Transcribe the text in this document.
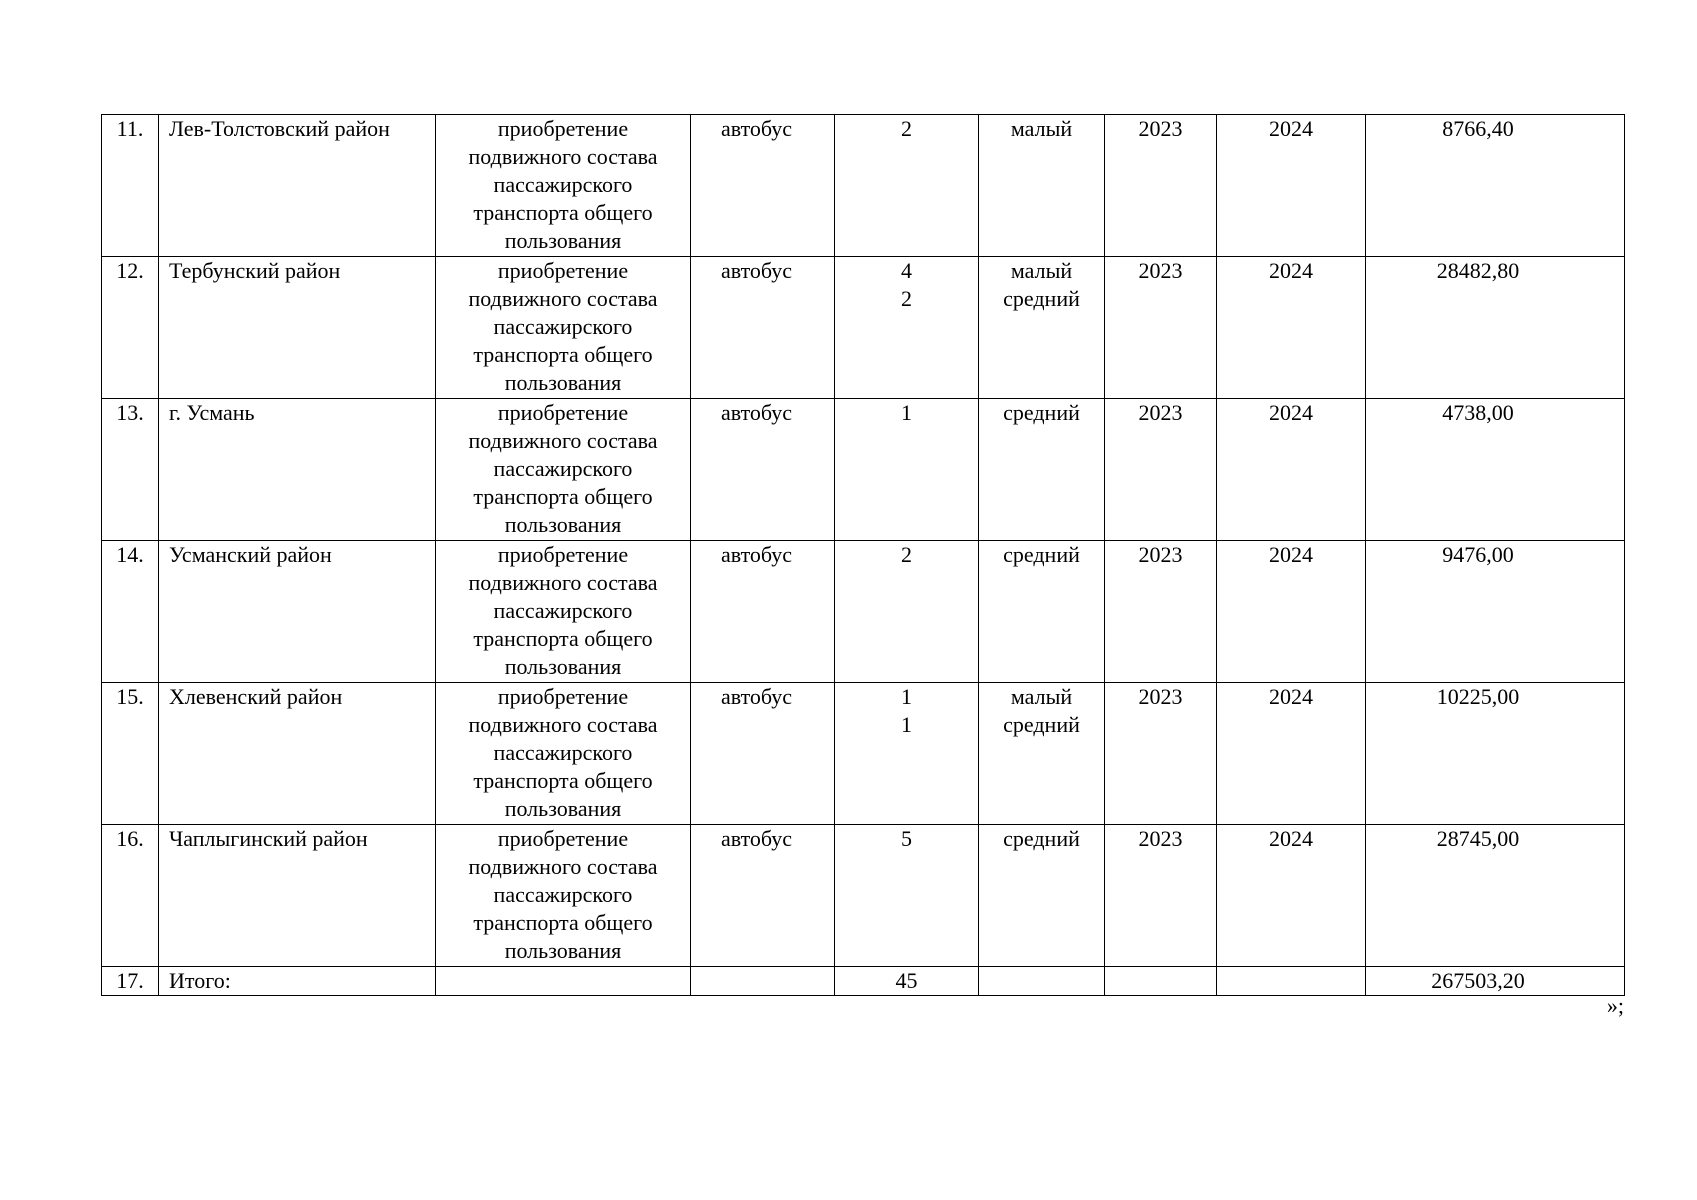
11.	Лев-Толстовский район	приобретение
подвижного состава
пассажирского
транспорта общего
пользования	автобус	2	малый	2023	2024	8766,40
12.	Тербунский район	приобретение
подвижного состава
пассажирского
транспорта общего
пользования	автобус	4
2	малый
средний	2023	2024	28482,80
13.	г. Усмань	приобретение
подвижного состава
пассажирского
транспорта общего
пользования	автобус	1	средний	2023	2024	4738,00
14.	Усманский район	приобретение
подвижного состава
пассажирского
транспорта общего
пользования	автобус	2	средний	2023	2024	9476,00
15.	Хлевенский район	приобретение
подвижного состава
пассажирского
транспорта общего
пользования	автобус	1
1	малый
средний	2023	2024	10225,00
16.	Чаплыгинский район	приобретение
подвижного состава
пассажирского
транспорта общего
пользования	автобус	5	средний	2023	2024	28745,00
17.	Итого:			45				267503,20
»;
